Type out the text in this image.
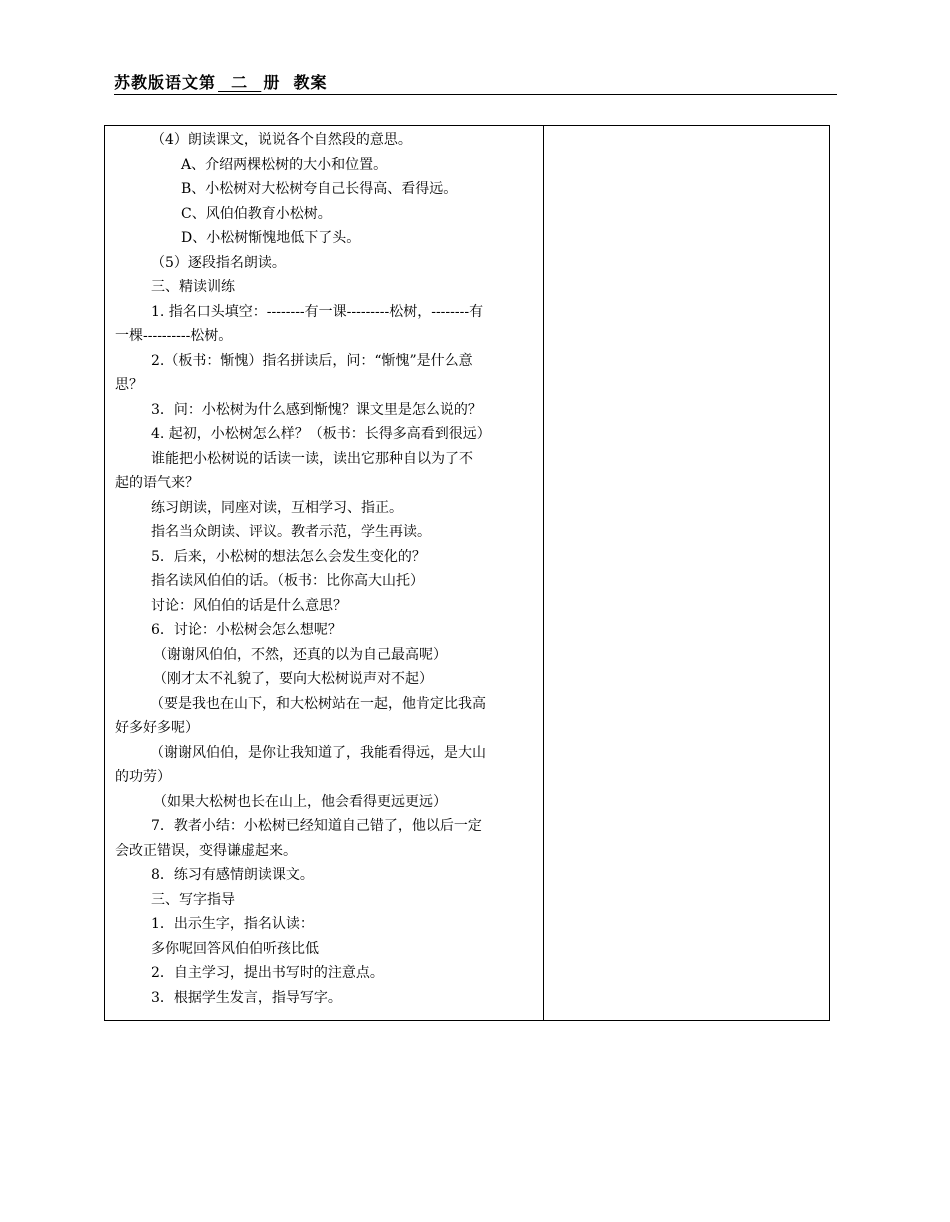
苏教版语文第  二  册  教案
（4）朗读课文，说说各个自然段的意思。
A、介绍两棵松树的大小和位置。
B、小松树对大松树夸自己长得高、看得远。
C、风伯伯教育小松树。
D、小松树惭愧地低下了头。
（5）逐段指名朗读。
三、精读训练
1. 指名口头填空：--------有一课---------松树，--------有
一棵----------松树。
2.（板书：惭愧）指名拼读后，问：“惭愧”是什么意
思？
3．问：小松树为什么感到惭愧？课文里是怎么说的？
4. 起初，小松树怎么样？（板书：长得多高看到很远）
谁能把小松树说的话读一读，读出它那种自以为了不
起的语气来？
练习朗读，同座对读，互相学习、指正。
指名当众朗读、评议。教者示范，学生再读。
5．后来，小松树的想法怎么会发生变化的？
指名读风伯伯的话。（板书：比你高大山托）
讨论：风伯伯的话是什么意思？
6．讨论：小松树会怎么想呢？
（谢谢风伯伯，不然，还真的以为自己最高呢）
（刚才太不礼貌了，要向大松树说声对不起）
（要是我也在山下，和大松树站在一起，他肯定比我高
好多好多呢）
（谢谢风伯伯，是你让我知道了，我能看得远，是大山
的功劳）
（如果大松树也长在山上，他会看得更远更远）
7．教者小结：小松树已经知道自己错了，他以后一定
会改正错误，变得谦虚起来。
8．练习有感情朗读课文。
三、写字指导
1．出示生字，指名认读：
多你呢回答风伯伯听孩比低
2．自主学习，提出书写时的注意点。
3．根据学生发言，指导写字。
